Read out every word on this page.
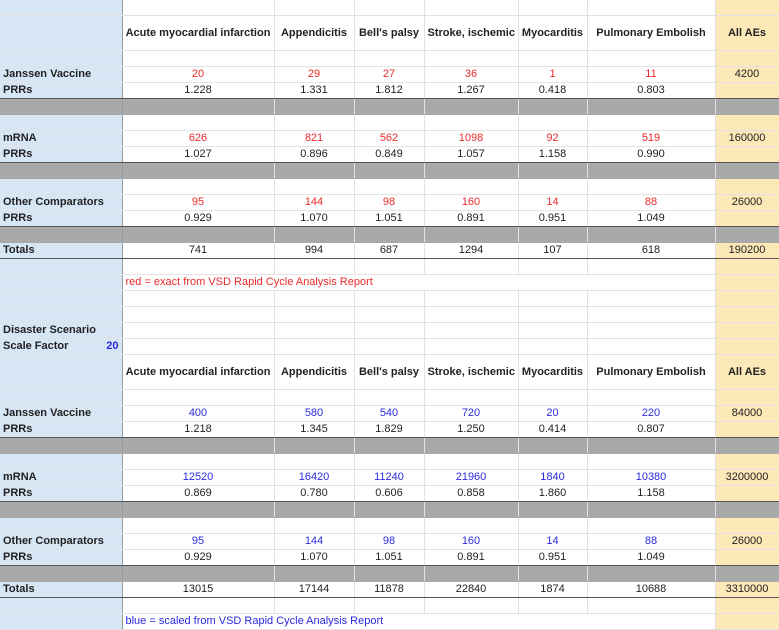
	Acute myocardial infarction	Appendicitis	Bell's palsy	Stroke, ischemic	Myocarditis	Pulmonary Embolish	All AEs

Janssen Vaccine	20	29	27	36	1	11	4200
PRRs	1.228	1.331	1.812	1.267	0.418	0.803	

mRNA	626	821	562	1098	92	519	160000
PRRs	1.027	0.896	0.849	1.057	1.158	0.990	

Other Comparators	95	144	98	160	14	88	26000
PRRs	0.929	1.070	1.051	0.891	0.951	1.049	

Totals	741	994	687	1294	107	618	190200

	red = exact from VSD Rapid Cycle Analysis Report						

Disaster Scenario							
Scale Factor 20							

	Acute myocardial infarction	Appendicitis	Bell's palsy	Stroke, ischemic	Myocarditis	Pulmonary Embolish	All AEs

Janssen Vaccine	400	580	540	720	20	220	84000
PRRs	1.218	1.345	1.829	1.250	0.414	0.807	

mRNA	12520	16420	11240	21960	1840	10380	3200000
PRRs	0.869	0.780	0.606	0.858	1.860	1.158	

Other Comparators	95	144	98	160	14	88	26000
PRRs	0.929	1.070	1.051	0.891	0.951	1.049	

Totals	13015	17144	11878	22840	1874	10688	3310000

	blue = scaled from VSD Rapid Cycle Analysis Report						
